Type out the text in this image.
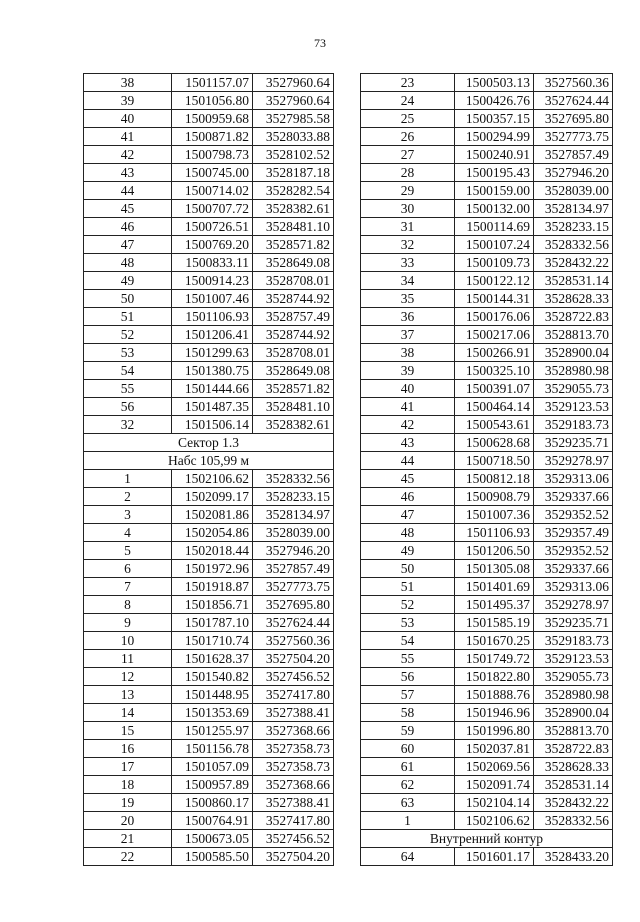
73
38	1501157.07	3527960.64
39	1501056.80	3527960.64
40	1500959.68	3527985.58
41	1500871.82	3528033.88
42	1500798.73	3528102.52
43	1500745.00	3528187.18
44	1500714.02	3528282.54
45	1500707.72	3528382.61
46	1500726.51	3528481.10
47	1500769.20	3528571.82
48	1500833.11	3528649.08
49	1500914.23	3528708.01
50	1501007.46	3528744.92
51	1501106.93	3528757.49
52	1501206.41	3528744.92
53	1501299.63	3528708.01
54	1501380.75	3528649.08
55	1501444.66	3528571.82
56	1501487.35	3528481.10
32	1501506.14	3528382.61
Сектор 1.3		
Набс 105,99 м		
1	1502106.62	3528332.56
2	1502099.17	3528233.15
3	1502081.86	3528134.97
4	1502054.86	3528039.00
5	1502018.44	3527946.20
6	1501972.96	3527857.49
7	1501918.87	3527773.75
8	1501856.71	3527695.80
9	1501787.10	3527624.44
10	1501710.74	3527560.36
11	1501628.37	3527504.20
12	1501540.82	3527456.52
13	1501448.95	3527417.80
14	1501353.69	3527388.41
15	1501255.97	3527368.66
16	1501156.78	3527358.73
17	1501057.09	3527358.73
18	1500957.89	3527368.66
19	1500860.17	3527388.41
20	1500764.91	3527417.80
21	1500673.05	3527456.52
22	1500585.50	3527504.20
23	1500503.13	3527560.36
24	1500426.76	3527624.44
25	1500357.15	3527695.80
26	1500294.99	3527773.75
27	1500240.91	3527857.49
28	1500195.43	3527946.20
29	1500159.00	3528039.00
30	1500132.00	3528134.97
31	1500114.69	3528233.15
32	1500107.24	3528332.56
33	1500109.73	3528432.22
34	1500122.12	3528531.14
35	1500144.31	3528628.33
36	1500176.06	3528722.83
37	1500217.06	3528813.70
38	1500266.91	3528900.04
39	1500325.10	3528980.98
40	1500391.07	3529055.73
41	1500464.14	3529123.53
42	1500543.61	3529183.73
43	1500628.68	3529235.71
44	1500718.50	3529278.97
45	1500812.18	3529313.06
46	1500908.79	3529337.66
47	1501007.36	3529352.52
48	1501106.93	3529357.49
49	1501206.50	3529352.52
50	1501305.08	3529337.66
51	1501401.69	3529313.06
52	1501495.37	3529278.97
53	1501585.19	3529235.71
54	1501670.25	3529183.73
55	1501749.72	3529123.53
56	1501822.80	3529055.73
57	1501888.76	3528980.98
58	1501946.96	3528900.04
59	1501996.80	3528813.70
60	1502037.81	3528722.83
61	1502069.56	3528628.33
62	1502091.74	3528531.14
63	1502104.14	3528432.22
1	1502106.62	3528332.56
Внутренний контур		
64	1501601.17	3528433.20
